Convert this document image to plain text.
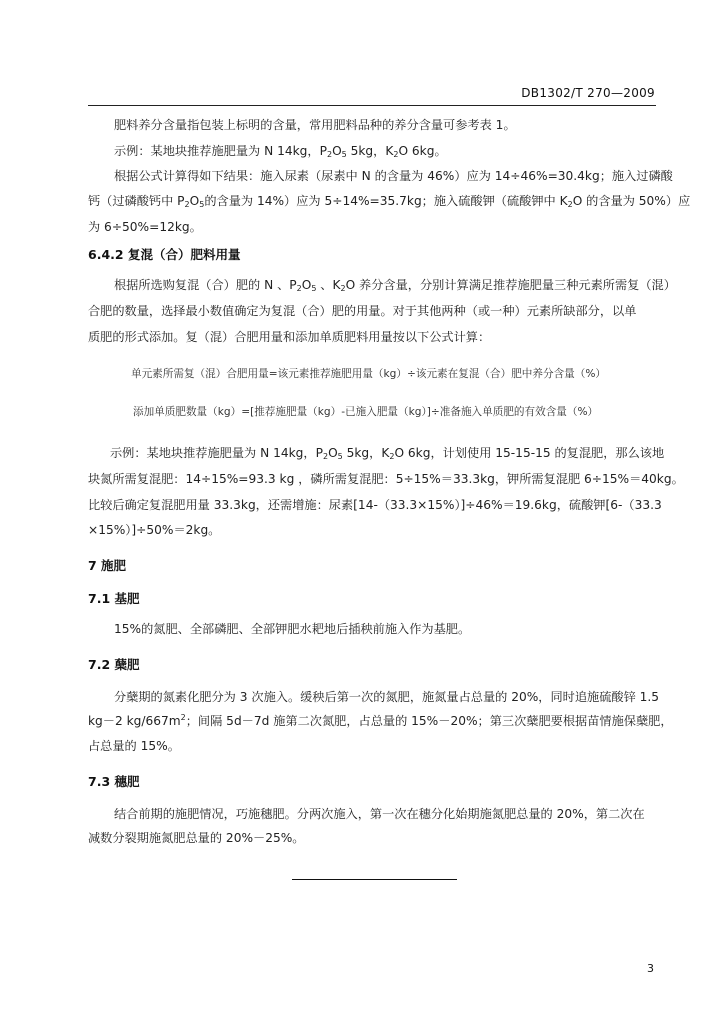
DB1302/T 270—2009
肥料养分含量指包装上标明的含量，常用肥料品种的养分含量可参考表 1。
示例：某地块推荐施肥量为 N 14kg，$P_2O_5$ 5kg，$K_2O$ 6kg。
根据公式计算得如下结果：施入尿素（尿素中 N 的含量为 46%）应为 14÷46%=30.4kg；施入过磷酸
钙（过磷酸钙中 $P_2O_5$的含量为 14%）应为 5÷14%=35.7kg；施入硫酸钾（硫酸钾中 $K_2O$ 的含量为 50%）应
为 6÷50%=12kg。
6.4.2 复混（合）肥料用量
根据所选购复混（合）肥的 N 、$P_2O_5$ 、$K_2O$ 养分含量，分别计算满足推荐施肥量三种元素所需复（混）
合肥的数量，选择最小数值确定为复混（合）肥的用量。对于其他两种（或一种）元素所缺部分，以单
质肥的形式添加。复（混）合肥用量和添加单质肥料用量按以下公式计算：
单元素所需复（混）合肥用量=该元素推荐施肥用量（kg）÷该元素在复混（合）肥中养分含量（%）
添加单质肥数量（kg）=[推荐施肥量（kg）-已施入肥量（kg）]÷准备施入单质肥的有效含量（%）
示例：某地块推荐施肥量为 N 14kg，$P_2O_5$ 5kg，$K_2O$ 6kg，计划使用 15-15-15 的复混肥，那么该地
块氮所需复混肥：14÷15%=93.3 kg ，磷所需复混肥：5÷15%＝33.3kg，钾所需复混肥 6÷15%＝40kg。
比较后确定复混肥用量 33.3kg，还需增施：尿素[14-（33.3×15%）]÷46%＝19.6kg，硫酸钾[6-（33.3
×15%）]÷50%＝2kg。
7 施肥
7.1 基肥
15%的氮肥、全部磷肥、全部钾肥水耙地后插秧前施入作为基肥。
7.2 蘖肥
分蘖期的氮素化肥分为 3 次施入。缓秧后第一次的氮肥，施氮量占总量的 20%，同时追施硫酸锌 1.5
kg－2 $kg/667m^2$；间隔 5d－7d 施第二次氮肥，占总量的 15%－20%；第三次蘖肥要根据苗情施保蘖肥，
占总量的 15%。
7.3 穗肥
结合前期的施肥情况，巧施穗肥。分两次施入，第一次在穗分化始期施氮肥总量的 20%，第二次在
减数分裂期施氮肥总量的 20%－25%。
3
